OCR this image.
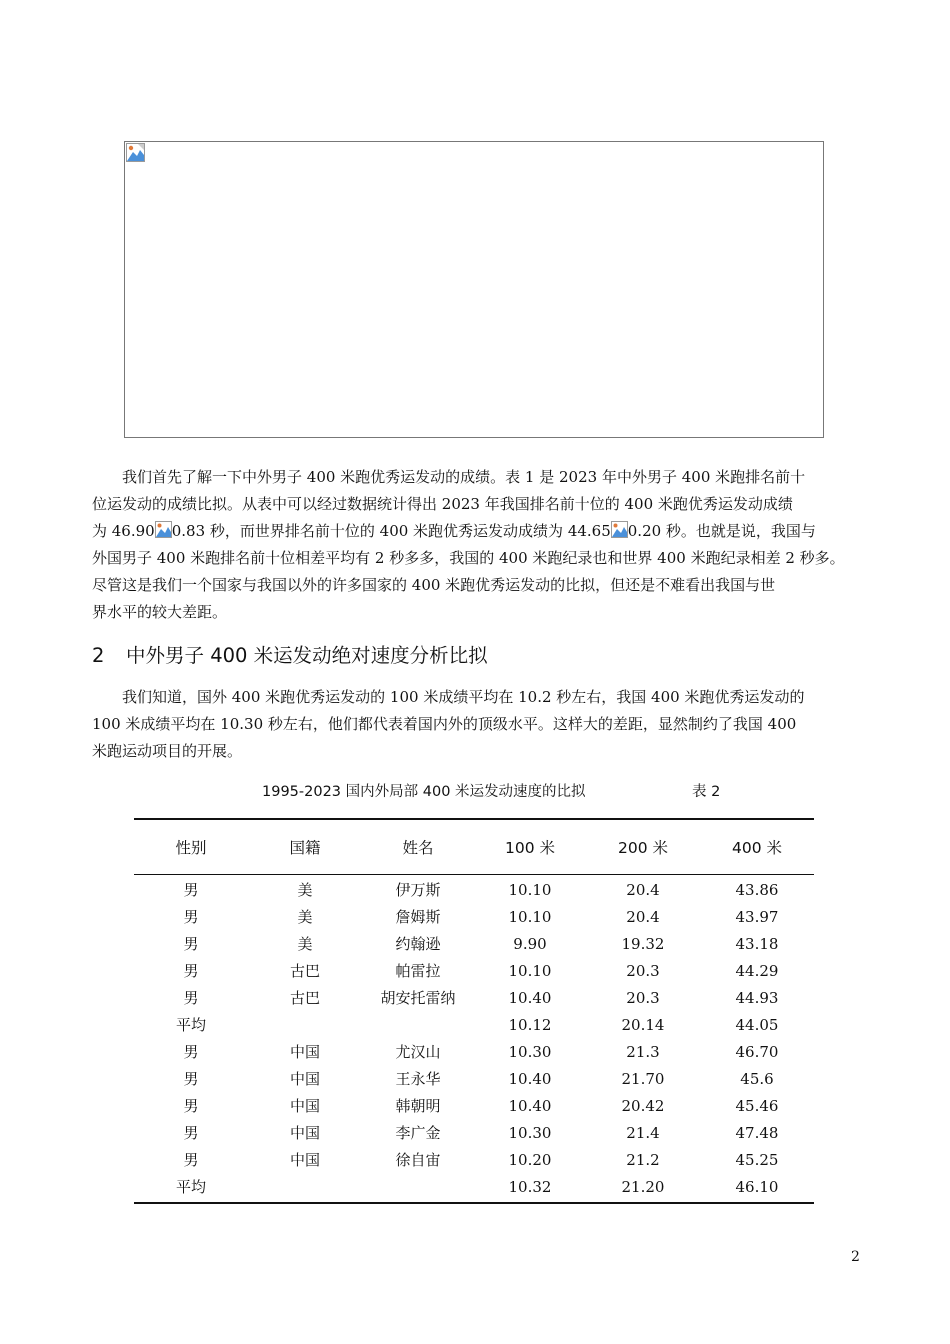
我们首先了解一下中外男子 400 米跑优秀运发动的成绩。表 1 是 2023 年中外男子 400 米跑排名前十
位运发动的成绩比拟。从表中可以经过数据统计得出 2023 年我国排名前十位的 400 米跑优秀运发动成绩
为 46.90 0.83 秒，而世界排名前十位的 400 米跑优秀运发动成绩为 44.65 0.20 秒。也就是说，我国与
外国男子 400 米跑排名前十位相差平均有 2 秒多多，我国的 400 米跑纪录也和世界 400 米跑纪录相差 2 秒多。
尽管这是我们一个国家与我国以外的许多国家的 400 米跑优秀运发动的比拟，但还是不难看出我国与世
界水平的较大差距。
2 中外男子 400 米运发动绝对速度分析比拟
我们知道，国外 400 米跑优秀运发动的 100 米成绩平均在 10.2 秒左右，我国 400 米跑优秀运发动的
100 米成绩平均在 10.30 秒左右，他们都代表着国内外的顶级水平。这样大的差距，显然制约了我国 400
米跑运动项目的开展。
1995-2023 国内外局部 400 米运发动速度的比拟	表 2
性别	国籍	姓名	100 米	200 米	400 米
男	美	伊万斯	10.10	20.4	43.86
男	美	詹姆斯	10.10	20.4	43.97
男	美	约翰逊	9.90	19.32	43.18
男	古巴	帕雷拉	10.10	20.3	44.29
男	古巴	胡安托雷纳	10.40	20.3	44.93
平均			10.12	20.14	44.05
男	中国	尤汉山	10.30	21.3	46.70
男	中国	王永华	10.40	21.70	45.6
男	中国	韩朝明	10.40	20.42	45.46
男	中国	李广金	10.30	21.4	47.48
男	中国	徐自宙	10.20	21.2	45.25
平均			10.32	21.20	46.10
2
